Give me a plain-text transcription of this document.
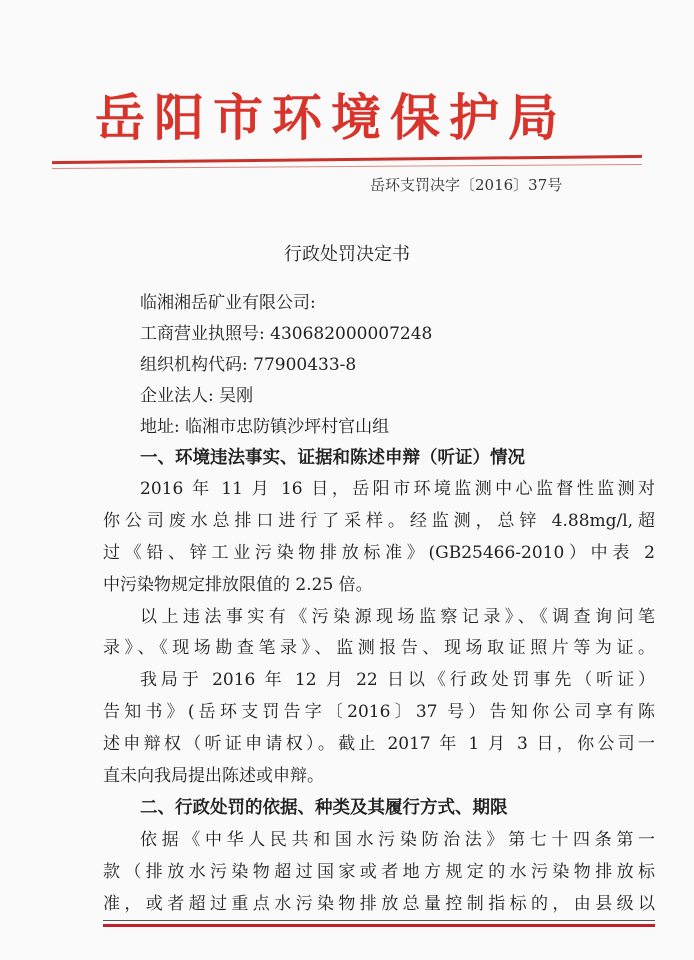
岳阳市环境保护局
岳环支罚决字〔2016〕37号
行政处罚决定书
临湘湘岳矿业有限公司:
工商营业执照号: 430682000007248
组织机构代码: 77900433-8
企业法人: 吴刚
地址: 临湘市忠防镇沙坪村官山组
一、环境违法事实、证据和陈述申辩（听证）情况
2016 年 11 月 16 日，岳阳市环境监测中心监督性监测对
你公司废水总排口进行了采样。经监测，总锌 4.88mg/l,超
过《铅、锌工业污染物排放标准》(GB25466-2010）中表 2
中污染物规定排放限值的 2.25 倍。
以上违法事实有《污染源现场监察记录》、《调查询问笔
录》、《现场勘查笔录》、监测报告、现场取证照片等为证。
我局于 2016 年 12 月 22 日以《行政处罚事先（听证）
告知书》(岳环支罚告字〔2016〕37 号）告知你公司享有陈
述申辩权（听证申请权）。截止 2017 年 1 月 3 日，你公司一
直未向我局提出陈述或申辩。
二、行政处罚的依据、种类及其履行方式、期限
依据《中华人民共和国水污染防治法》第七十四条第一
款（排放水污染物超过国家或者地方规定的水污染物排放标
准，或者超过重点水污染物排放总量控制指标的，由县级以
